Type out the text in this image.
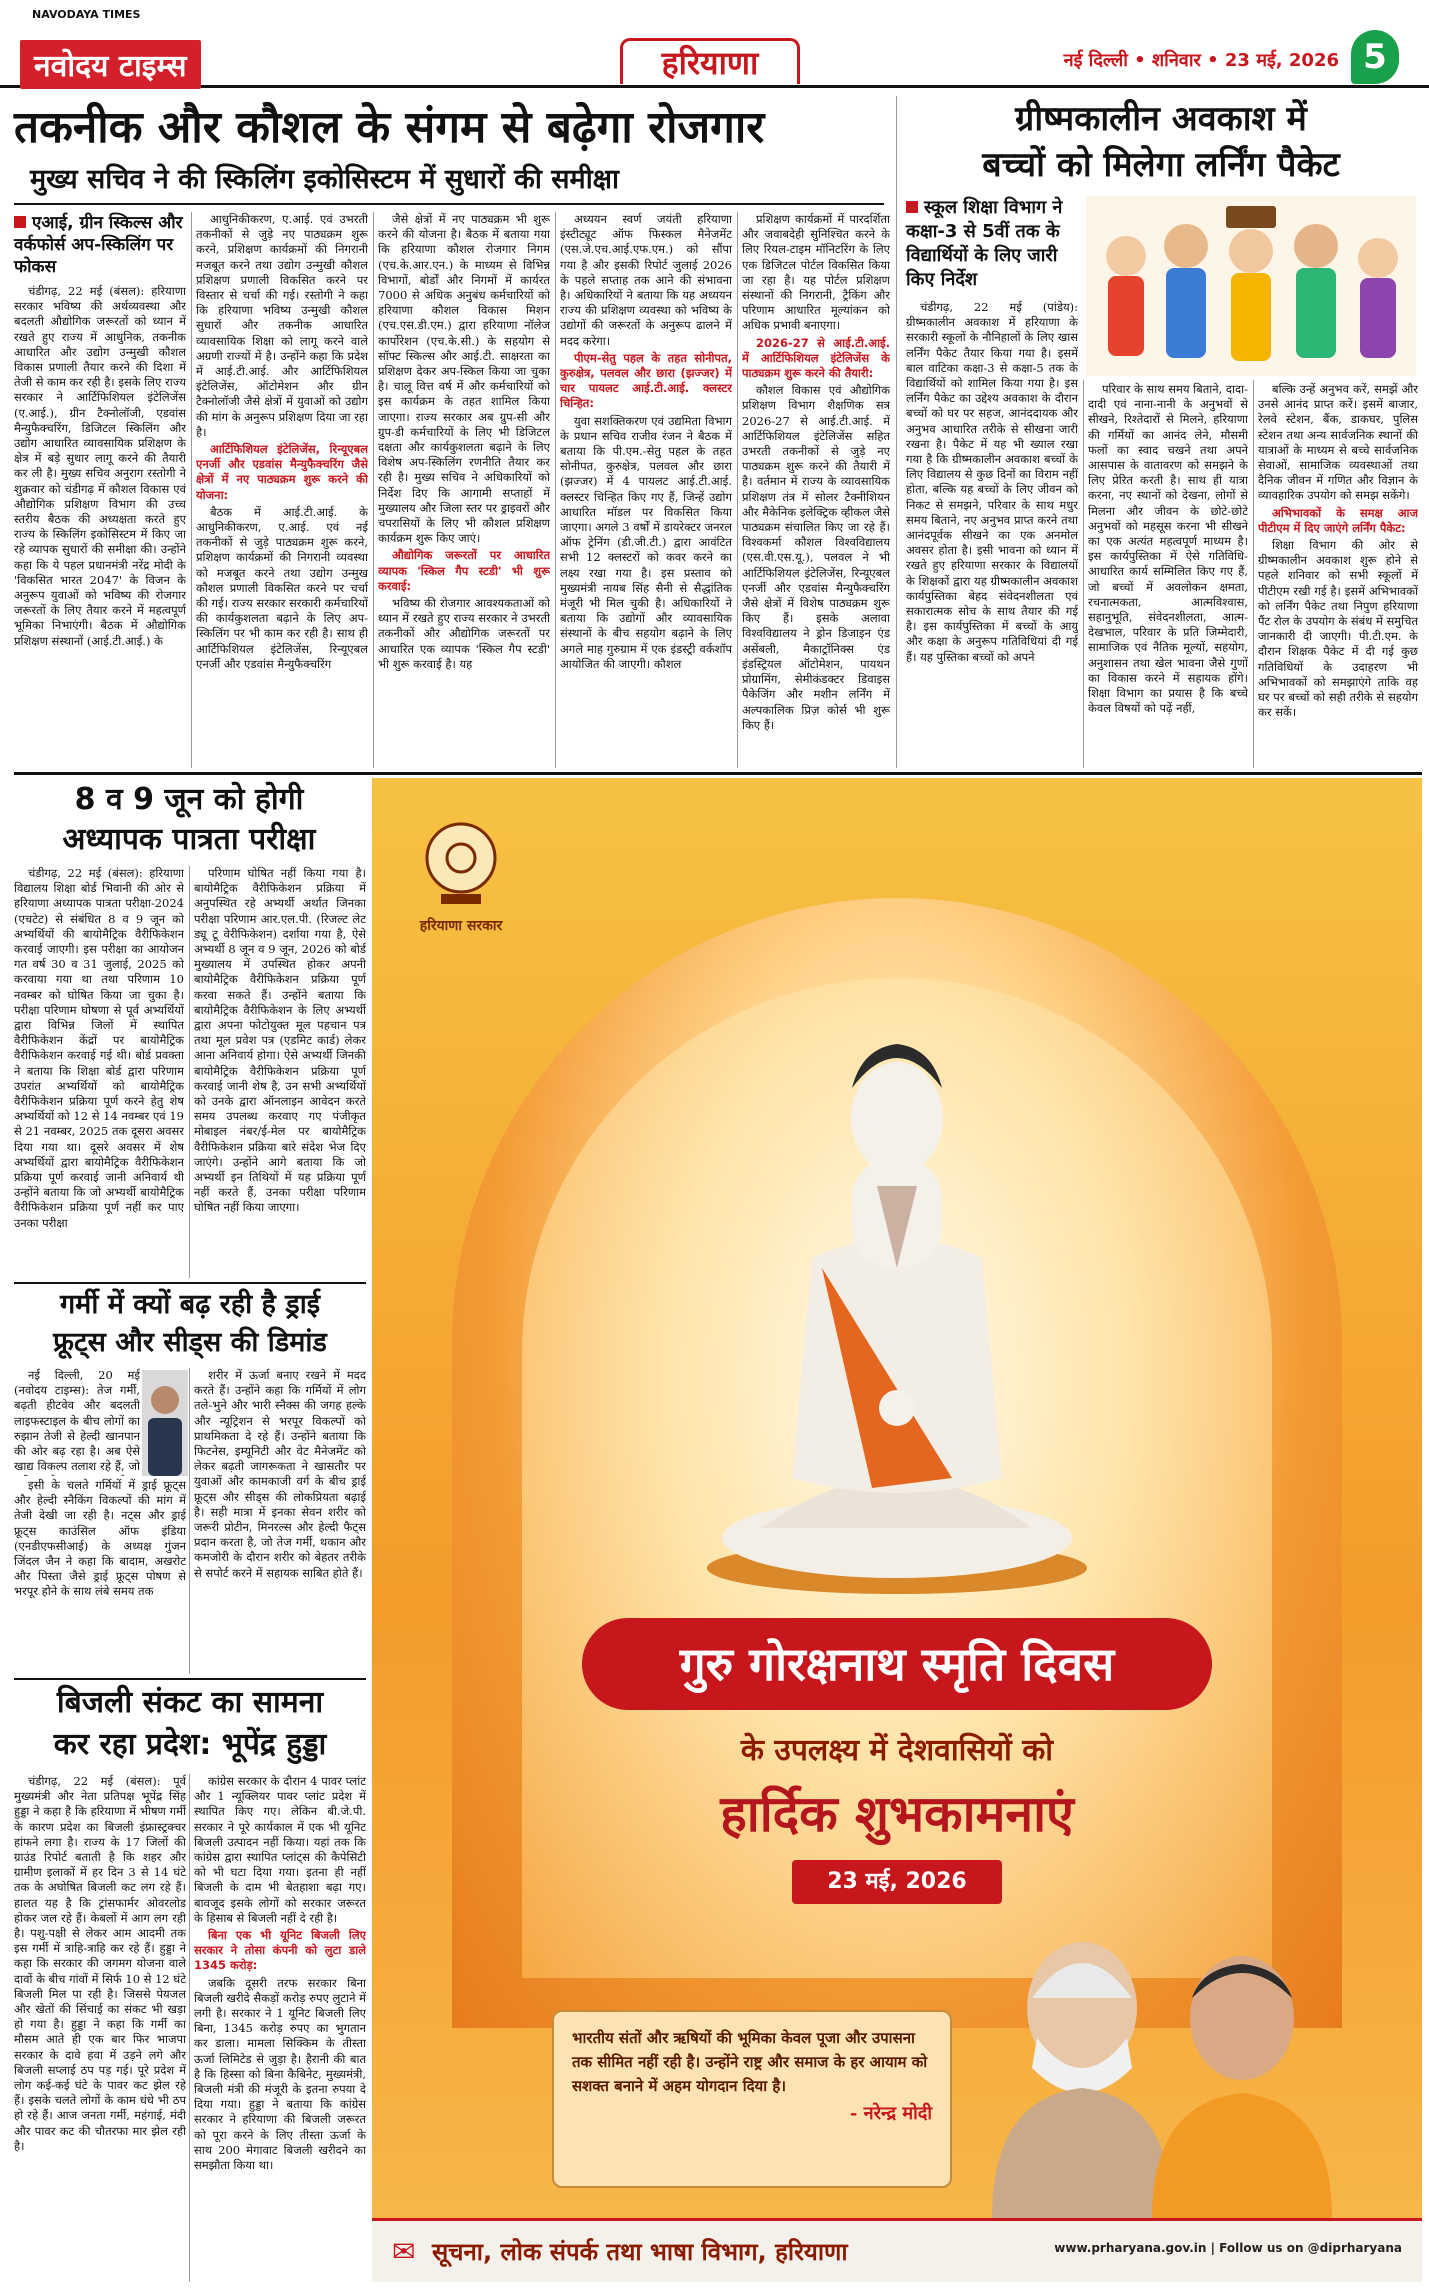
NAVODAYA TIMES
नवोदय टाइम्स	हरियाणा	नई दिल्ली • शनिवार • 23 मई, 2026 5
तकनीक और कौशल के संगम से बढ़ेगा रोजगार
मुख्य सचिव ने की स्किलिंग इकोसिस्टम में सुधारों की समीक्षा
एआई, ग्रीन स्किल्स और वर्कफोर्स अप-स्किलिंग पर फोकस

चंडीगढ़, 22 मई (बंसल): हरियाणा सरकार भविष्य की अर्थव्यवस्था और बदलती औद्योगिक जरूरतों को ध्यान में रखते हुए राज्य में आधुनिक, तकनीक आधारित और उद्योग उन्मुखी कौशल विकास प्रणाली तैयार करने की दिशा में तेजी से काम कर रही है। इसके लिए राज्य सरकार ने आर्टिफिशियल इंटेलिजेंस (ए.आई.), ग्रीन टैक्नोलॉजी, एडवांस मैन्युफैक्चरिंग, डिजिटल स्किलिंग और उद्योग आधारित व्यावसायिक प्रशिक्षण के क्षेत्र में बड़े सुधार लागू करने की तैयारी कर ली है। मुख्य सचिव अनुराग रस्तोगी ने शुक्रवार को चंडीगढ़ में कौशल विकास एवं औद्योगिक प्रशिक्षण विभाग की उच्च स्तरीय बैठक की अध्यक्षता करते हुए राज्य के स्किलिंग इकोसिस्टम में किए जा रहे व्यापक सुधारों की समीक्षा की। उन्होंने कहा कि ये पहल प्रधानमंत्री नरेंद्र मोदी के 'विकसित भारत 2047' के विजन के अनुरूप युवाओं को भविष्य की रोजगार जरूरतों के लिए तैयार करने में महत्वपूर्ण भूमिका निभाएंगी। बैठक में औद्योगिक प्रशिक्षण संस्थानों (आई.टी.आई.) के

आधुनिकीकरण, ए.आई. एवं उभरती तकनीकों से जुड़े नए पाठ्यक्रम शुरू करने, प्रशिक्षण कार्यक्रमों की निगरानी मजबूत करने तथा उद्योग उन्मुखी कौशल प्रशिक्षण प्रणाली विकसित करने पर विस्तार से चर्चा की गई। रस्तोगी ने कहा कि हरियाणा भविष्य उन्मुखी कौशल सुधारों और तकनीक आधारित व्यावसायिक शिक्षा को लागू करने वाले अग्रणी राज्यों में है। उन्होंने कहा कि प्रदेश में आई.टी.आई. और आर्टिफिशियल इंटेलिजेंस, ऑटोमेशन और ग्रीन टैक्नोलॉजी जैसे क्षेत्रों में युवाओं को उद्योग की मांग के अनुरूप प्रशिक्षण दिया जा रहा है।

आर्टिफिशियल इंटेलिजेंस, रिन्यूएबल एनर्जी और एडवांस मैन्युफैक्चरिंग जैसे क्षेत्रों में नए पाठ्यक्रम शुरू करने की योजना:

बैठक में आई.टी.आई. के आधुनिकीकरण, ए.आई. एवं नई तकनीकों से जुड़े पाठ्यक्रम शुरू करने, प्रशिक्षण कार्यक्रमों की निगरानी व्यवस्था को मजबूत करने तथा उद्योग उन्मुख कौशल प्रणाली विकसित करने पर चर्चा की गई। राज्य सरकार सरकारी कर्मचारियों की कार्यकुशलता बढ़ाने के लिए अप-स्किलिंग पर भी काम कर रही है। साथ ही आर्टिफिशियल इंटेलिजेंस, रिन्यूएबल एनर्जी और एडवांस मैन्युफैक्चरिंग

जैसे क्षेत्रों में नए पाठ्यक्रम भी शुरू करने की योजना है। बैठक में बताया गया कि हरियाणा कौशल रोजगार निगम (एच.के.आर.एन.) के माध्यम से विभिन्न विभागों, बोर्डों और निगमों में कार्यरत 7000 से अधिक अनुबंध कर्मचारियों को हरियाणा कौशल विकास मिशन (एच.एस.डी.एम.) द्वारा हरियाणा नॉलेज कार्पोरेशन (एच.के.सी.) के सहयोग से सॉफ्ट स्किल्स और आई.टी. साक्षरता का प्रशिक्षण देकर अप-स्किल किया जा चुका है। चालू वित्त वर्ष में और कर्मचारियों को इस कार्यक्रम के तहत शामिल किया जाएगा। राज्य सरकार अब ग्रुप-सी और ग्रुप-डी कर्मचारियों के लिए भी डिजिटल दक्षता और कार्यकुशलता बढ़ाने के लिए विशेष अप-स्किलिंग रणनीति तैयार कर रही है। मुख्य सचिव ने अधिकारियों को निर्देश दिए कि आगामी सप्ताहों में मुख्यालय और जिला स्तर पर ड्राइवरों और चपरासियों के लिए भी कौशल प्रशिक्षण कार्यक्रम शुरू किए जाएं।

औद्योगिक जरूरतों पर आधारित व्यापक 'स्किल गैप स्टडी' भी शुरू करवाई:

भविष्य की रोजगार आवश्यकताओं को ध्यान में रखते हुए राज्य सरकार ने उभरती तकनीकों और औद्योगिक जरूरतों पर आधारित एक व्यापक 'स्किल गैप स्टडी' भी शुरू करवाई है। यह

अध्ययन स्वर्ण जयंती हरियाणा इंस्टीट्यूट ऑफ फिस्कल मैनेजमेंट (एस.जे.एच.आई.एफ.एम.) को सौंपा गया है और इसकी रिपोर्ट जुलाई 2026 के पहले सप्ताह तक आने की संभावना है। अधिकारियों ने बताया कि यह अध्ययन राज्य की प्रशिक्षण व्यवस्था को भविष्य के उद्योगों की जरूरतों के अनुरूप ढालने में मदद करेगा।

पीएम-सेतु पहल के तहत सोनीपत, कुरुक्षेत्र, पलवल और छारा (झज्जर) में चार पायलट आई.टी.आई. क्लस्टर चिन्हित:

युवा सशक्तिकरण एवं उद्यमिता विभाग के प्रधान सचिव राजीव रंजन ने बैठक में बताया कि पी.एम.-सेतु पहल के तहत सोनीपत, कुरुक्षेत्र, पलवल और छारा (झज्जर) में 4 पायलट आई.टी.आई. क्लस्टर चिन्हित किए गए हैं, जिन्हें उद्योग आधारित मॉडल पर विकसित किया जाएगा। अगले 3 वर्षों में डायरेक्टर जनरल ऑफ ट्रेनिंग (डी.जी.टी.) द्वारा आवंटित सभी 12 क्लस्टरों को कवर करने का लक्ष्य रखा गया है। इस प्रस्ताव को मुख्यमंत्री नायब सिंह सैनी से सैद्धांतिक मंजूरी भी मिल चुकी है। अधिकारियों ने बताया कि उद्योगों और व्यावसायिक संस्थानों के बीच सहयोग बढ़ाने के लिए अगले माह गुरुग्राम में एक इंडस्ट्री वर्कशॉप आयोजित की जाएगी। कौशल

प्रशिक्षण कार्यक्रमों में पारदर्शिता और जवाबदेही सुनिश्चित करने के लिए रियल-टाइम मॉनिटरिंग के लिए एक डिजिटल पोर्टल विकसित किया जा रहा है। यह पोर्टल प्रशिक्षण संस्थानों की निगरानी, ट्रैकिंग और परिणाम आधारित मूल्यांकन को अधिक प्रभावी बनाएगा।

2026-27 से आई.टी.आई. में आर्टिफिशियल इंटेलिजेंस के पाठ्यक्रम शुरू करने की तैयारी:

कौशल विकास एवं औद्योगिक प्रशिक्षण विभाग शैक्षणिक सत्र 2026-27 से आई.टी.आई. में आर्टिफिशियल इंटेलिजेंस सहित उभरती तकनीकों से जुड़े नए पाठ्यक्रम शुरू करने की तैयारी में है। वर्तमान में राज्य के व्यावसायिक प्रशिक्षण तंत्र में सोलर टैक्नीशियन और मैकेनिक इलेक्ट्रिक व्हीकल जैसे पाठ्यक्रम संचालित किए जा रहे हैं। विश्वकर्मा कौशल विश्वविद्यालय (एस.वी.एस.यू.), पलवल ने भी आर्टिफिशियल इंटेलिजेंस, रिन्यूएबल एनर्जी और एडवांस मैन्युफैक्चरिंग जैसे क्षेत्रों में विशेष पाठ्यक्रम शुरू किए हैं। इसके अलावा विश्वविद्यालय ने ड्रोन डिजाइन एंड असेंबली, मैकाट्रॉनिक्स एंड इंडस्ट्रियल ऑटोमेशन, पायथन प्रोग्रामिंग, सेमीकंडक्टर डिवाइस पैकेजिंग और मशीन लर्निंग में अल्पकालिक प्रिज़ कोर्स भी शुरू किए हैं।

ग्रीष्मकालीन अवकाश में
बच्चों को मिलेगा लर्निंग पैकेट
स्कूल शिक्षा विभाग ने कक्षा-3 से 5वीं तक के विद्यार्थियों के लिए जारी किए निर्देश

चंडीगढ़, 22 मई (पांडेय): ग्रीष्मकालीन अवकाश में हरियाणा के सरकारी स्कूलों के नौनिहालों के लिए खास लर्निंग पैकेट तैयार किया गया है। इसमें बाल वाटिका कक्षा-3 से कक्षा-5 तक के विद्यार्थियों को शामिल किया गया है। इस लर्निंग पैकेट का उद्देश्य अवकाश के दौरान बच्चों को घर पर सहज, आनंददायक और अनुभव आधारित तरीके से सीखना जारी रखना है। पैकेट में यह भी ख्याल रखा गया है कि ग्रीष्मकालीन अवकाश बच्चों के लिए विद्यालय से कुछ दिनों का विराम नहीं होता, बल्कि यह बच्चों के लिए जीवन को निकट से समझने, परिवार के साथ मधुर समय बिताने, नए अनुभव प्राप्त करने तथा आनंदपूर्वक सीखने का एक अनमोल अवसर होता है। इसी भावना को ध्यान में रखते हुए हरियाणा सरकार के विद्यालयों के शिक्षकों द्वारा यह ग्रीष्मकालीन अवकाश कार्यपुस्तिका बेहद संवेदनशीलता एवं सकारात्मक सोच के साथ तैयार की गई है। इस कार्यपुस्तिका में बच्चों के आयु और कक्षा के अनुरूप गतिविधियां दी गई हैं। यह पुस्तिका बच्चों को अपने

परिवार के साथ समय बिताने, दादा-दादी एवं नाना-नानी के अनुभवों से सीखने, रिश्तेदारों से मिलने, हरियाणा की गर्मियों का आनंद लेने, मौसमी फलों का स्वाद चखने तथा अपने आसपास के वातावरण को समझने के लिए प्रेरित करती है। साथ ही यात्रा करना, नए स्थानों को देखना, लोगों से मिलना और जीवन के छोटे-छोटे अनुभवों को महसूस करना भी सीखने का एक अत्यंत महत्वपूर्ण माध्यम है। इस कार्यपुस्तिका में ऐसे गतिविधि-आधारित कार्य सम्मिलित किए गए हैं, जो बच्चों में अवलोकन क्षमता, रचनात्मकता, आत्मविश्वास, सहानुभूति, संवेदनशीलता, आत्म-देखभाल, परिवार के प्रति जिम्मेदारी, सामाजिक एवं नैतिक मूल्यों, सहयोग, अनुशासन तथा खेल भावना जैसे गुणों का विकास करने में सहायक होंगे। शिक्षा विभाग का प्रयास है कि बच्चे केवल विषयों को पढ़ें नहीं,

बल्कि उन्हें अनुभव करें, समझें और उनसे आनंद प्राप्त करें। इसमें बाजार, रेलवे स्टेशन, बैंक, डाकघर, पुलिस स्टेशन तथा अन्य सार्वजनिक स्थानों की यात्राओं के माध्यम से बच्चे सार्वजनिक सेवाओं, सामाजिक व्यवस्थाओं तथा दैनिक जीवन में गणित और विज्ञान के व्यावहारिक उपयोग को समझ सकेंगे।

अभिभावकों के समक्ष आज पीटीएम में दिए जाएंगे लर्निंग पैकेट:

शिक्षा विभाग की ओर से ग्रीष्मकालीन अवकाश शुरू होने से पहले शनिवार को सभी स्कूलों में पीटीएम रखी गई है। इसमें अभिभावकों को लर्निंग पैकेट तथा निपुण हरियाणा पैंट रोल के उपयोग के संबंध में समुचित जानकारी दी जाएगी। पी.टी.एम. के दौरान शिक्षक पैकेट में दी गई कुछ गतिविधियों के उदाहरण भी अभिभावकों को समझाएंगे ताकि वह घर पर बच्चों को सही तरीके से सहयोग कर सकें।

8 व 9 जून को होगी
अध्यापक पात्रता परीक्षा

चंडीगढ़, 22 मई (बंसल): हरियाणा विद्यालय शिक्षा बोर्ड भिवानी की ओर से हरियाणा अध्यापक पात्रता परीक्षा-2024 (एचटेट) से संबंधित 8 व 9 जून को अभ्यर्थियों की बायोमैट्रिक वैरीफिकेशन करवाई जाएगी। इस परीक्षा का आयोजन गत वर्ष 30 व 31 जुलाई, 2025 को करवाया गया था तथा परिणाम 10 नवम्बर को घोषित किया जा चुका है। परीक्षा परिणाम घोषणा से पूर्व अभ्यर्थियों द्वारा विभिन्न जिलों में स्थापित वैरीफिकेशन केंद्रों पर बायोमैट्रिक वैरीफिकेशन करवाई गई थी। बोर्ड प्रवक्ता ने बताया कि शिक्षा बोर्ड द्वारा परिणाम उपरांत अभ्यर्थियों को बायोमैट्रिक वैरीफिकेशन प्रक्रिया पूर्ण करने हेतु शेष अभ्यर्थियों को 12 से 14 नवम्बर एवं 19 से 21 नवम्बर, 2025 तक दूसरा अवसर दिया गया था। दूसरे अवसर में शेष अभ्यर्थियों द्वारा बायोमैट्रिक वैरीफिकेशन प्रक्रिया पूर्ण करवाई जानी अनिवार्य थी उन्होंने बताया कि जो अभ्यर्थी बायोमैट्रिक वैरीफिकेशन प्रक्रिया पूर्ण नहीं कर पाए उनका परीक्षा

परिणाम घोषित नहीं किया गया है। बायोमैट्रिक वैरीफिकेशन प्रक्रिया में अनुपस्थित रहे अभ्यर्थी अर्थात जिनका परीक्षा परिणाम आर.एल.पी. (रिजल्ट लेट ड्यू टू वेरीफिकेशन) दर्शाया गया है, ऐसे अभ्यर्थी 8 जून व 9 जून, 2026 को बोर्ड मुख्यालय में उपस्थित होकर अपनी बायोमैट्रिक वैरीफिकेशन प्रक्रिया पूर्ण करवा सकते हैं। उन्होंने बताया कि बायोमैट्रिक वैरीफिकेशन के लिए अभ्यर्थी द्वारा अपना फोटोयुक्त मूल पहचान पत्र तथा मूल प्रवेश पत्र (एडमिट कार्ड) लेकर आना अनिवार्य होगा। ऐसे अभ्यर्थी जिनकी बायोमैट्रिक वैरीफिकेशन प्रक्रिया पूर्ण करवाई जानी शेष है, उन सभी अभ्यर्थियों को उनके द्वारा ऑनलाइन आवेदन करते समय उपलब्ध करवाए गए पंजीकृत मोबाइल नंबर/ई-मेल पर बायोमैट्रिक वैरीफिकेशन प्रक्रिया बारे संदेश भेज दिए जाएंगे। उन्होंने आगे बताया कि जो अभ्यर्थी इन तिथियों में यह प्रक्रिया पूर्ण नहीं करते हैं, उनका परीक्षा परिणाम घोषित नहीं किया जाएगा।

गर्मी में क्यों बढ़ रही है ड्राई
फ्रूट्स और सीड्स की डिमांड

नई दिल्ली, 20 मई (नवोदय टाइम्स): तेज गर्मी, बढ़ती हीटवेव और बदलती लाइफस्टाइल के बीच लोगों का रुझान तेजी से हेल्दी खानपान की ओर बढ़ रहा है। अब ऐसे खाद्य विकल्प तलाश रहे हैं, जो

इसी के चलते गर्मियों में ड्राई फ्रूट्स और हेल्दी स्नैकिंग विकल्पों की मांग में तेजी देखी जा रही है। नट्स और ड्राई फ्रूट्स काउंसिल ऑफ इंडिया (एनडीएफसीआई) के अध्यक्ष गुंजन जिंदल जैन ने कहा कि बादाम, अखरोट और पिस्ता जैसे ड्राई फ्रूट्स पोषण से भरपूर होने के साथ लंबे समय तक

शरीर में ऊर्जा बनाए रखने में मदद करते हैं। उन्होंने कहा कि गर्मियों में लोग तले-भुने और भारी स्नैक्स की जगह हल्के और न्यूट्रिशन से भरपूर विकल्पों को प्राथमिकता दे रहे हैं। उन्होंने बताया कि फिटनेस, इम्यूनिटी और वेट मैनेजमेंट को लेकर बढ़ती जागरूकता ने खासतौर पर युवाओं और कामकाजी वर्ग के बीच ड्राई फ्रूट्स और सीड्स की लोकप्रियता बढ़ाई है। सही मात्रा में इनका सेवन शरीर को जरूरी प्रोटीन, मिनरल्स और हेल्दी फैट्स प्रदान करता है, जो तेज गर्मी, थकान और कमजोरी के दौरान शरीर को बेहतर तरीके से सपोर्ट करने में सहायक साबित होते हैं।

बिजली संकट का सामना
कर रहा प्रदेश: भूपेंद्र हुड्डा

चंडीगढ़, 22 मई (बंसल): पूर्व मुख्यमंत्री और नेता प्रतिपक्ष भूपेंद्र सिंह हुड्डा ने कहा है कि हरियाणा में भीषण गर्मी के कारण प्रदेश का बिजली इंफ्रास्ट्रक्चर हांफने लगा है। राज्य के 17 जिलों की ग्राउंड रिपोर्ट बताती है कि शहर और ग्रामीण इलाकों में हर दिन 3 से 14 घंटे तक के अघोषित बिजली कट लग रहे हैं। हालत यह है कि ट्रांसफार्मर ओवरलोड होकर जल रहे हैं। केबलों में आग लग रही है। पशु-पक्षी से लेकर आम आदमी तक इस गर्मी में त्राहि-त्राहि कर रहे हैं। हुड्डा ने कहा कि सरकार की जगमग योजना वाले दावों के बीच गांवों में सिर्फ 10 से 12 घंटे बिजली मिल पा रही है। जिससे पेयजल और खेतों की सिंचाई का संकट भी खड़ा हो गया है। हुड्डा ने कहा कि गर्मी का मौसम आते ही एक बार फिर भाजपा सरकार के दावे हवा में उड़ने लगे और बिजली सप्लाई ठप पड़ गई। पूरे प्रदेश में लोग कई-कई घंटे के पावर कट झेल रहे हैं। इसके चलते लोगों के काम धंधे भी ठप हो रहे हैं। आज जनता गर्मी, महंगाई, मंदी और पावर कट की चौतरफा मार झेल रही है।

कांग्रेस सरकार के दौरान 4 पावर प्लांट और 1 न्यूक्लियर पावर प्लांट प्रदेश में स्थापित किए गए। लेकिन बी.जे.पी. सरकार ने पूरे कार्यकाल में एक भी यूनिट बिजली उत्पादन नहीं किया। यहां तक कि कांग्रेस द्वारा स्थापित प्लांट्स की कैपेसिटी को भी घटा दिया गया। इतना ही नहीं बिजली के दाम भी बेतहाशा बढ़ा गए। बावजूद इसके लोगों को सरकार जरूरत के हिसाब से बिजली नहीं दे रही है।

बिना एक भी यूनिट बिजली लिए सरकार ने तोसा कंपनी को लुटा डाले 1345 करोड़:

जबकि दूसरी तरफ सरकार बिना बिजली खरीदे सैकड़ों करोड़ रुपए लुटाने में लगी है। सरकार ने 1 यूनिट बिजली लिए बिना, 1345 करोड़ रुपए का भुगतान कर डाला। मामला सिक्किम के तीस्ता ऊर्जा लिमिटेड से जुड़ा है। हैरानी की बात है कि हिस्सा को बिना कैबिनेट, मुख्यमंत्री, बिजली मंत्री की मंजूरी के इतना रुपया दे दिया गया। हुड्डा ने बताया कि कांग्रेस सरकार ने हरियाणा की बिजली जरूरत को पूरा करने के लिए तीस्ता ऊर्जा के साथ 200 मेगावाट बिजली खरीदने का समझौता किया था।

हरियाणा सरकार
गुरु गोरक्षनाथ स्मृति दिवस
के उपलक्ष्य में देशवासियों को
हार्दिक शुभकामनाएं
23 मई, 2026
भारतीय संतों और ऋषियों की भूमिका केवल पूजा और उपासना तक सीमित नहीं रही है। उन्होंने राष्ट्र और समाज के हर आयाम को सशक्त बनाने में अहम योगदान दिया है।
- नरेन्द्र मोदी
✉ सूचना, लोक संपर्क तथा भाषा विभाग, हरियाणा	www.prharyana.gov.in | Follow us on @diprharyana
